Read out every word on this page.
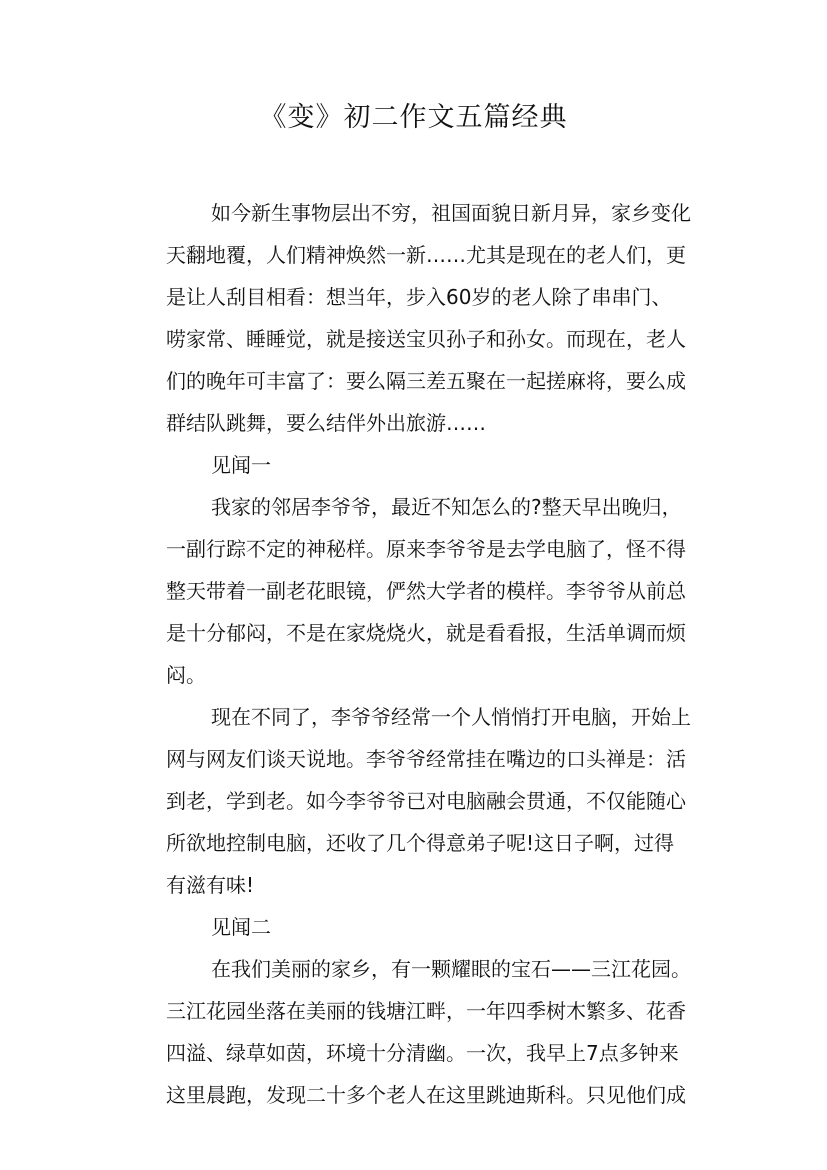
《变》初二作文五篇经典
如今新生事物层出不穷，祖国面貌日新月异，家乡变化
天翻地覆，人们精神焕然一新……尤其是现在的老人们，更
是让人刮目相看：想当年，步入60岁的老人除了串串门、
唠家常、睡睡觉，就是接送宝贝孙子和孙女。而现在，老人
们的晚年可丰富了：要么隔三差五聚在一起搓麻将，要么成
群结队跳舞，要么结伴外出旅游……
见闻一
我家的邻居李爷爷，最近不知怎么的?整天早出晚归，
一副行踪不定的神秘样。原来李爷爷是去学电脑了，怪不得
整天带着一副老花眼镜，俨然大学者的模样。李爷爷从前总
是十分郁闷，不是在家烧烧火，就是看看报，生活单调而烦
闷。
现在不同了，李爷爷经常一个人悄悄打开电脑，开始上
网与网友们谈天说地。李爷爷经常挂在嘴边的口头禅是：活
到老，学到老。如今李爷爷已对电脑融会贯通，不仅能随心
所欲地控制电脑，还收了几个得意弟子呢!这日子啊，过得
有滋有味!
见闻二
在我们美丽的家乡，有一颗耀眼的宝石——三江花园。
三江花园坐落在美丽的钱塘江畔，一年四季树木繁多、花香
四溢、绿草如茵，环境十分清幽。一次，我早上7点多钟来
这里晨跑，发现二十多个老人在这里跳迪斯科。只见他们成
